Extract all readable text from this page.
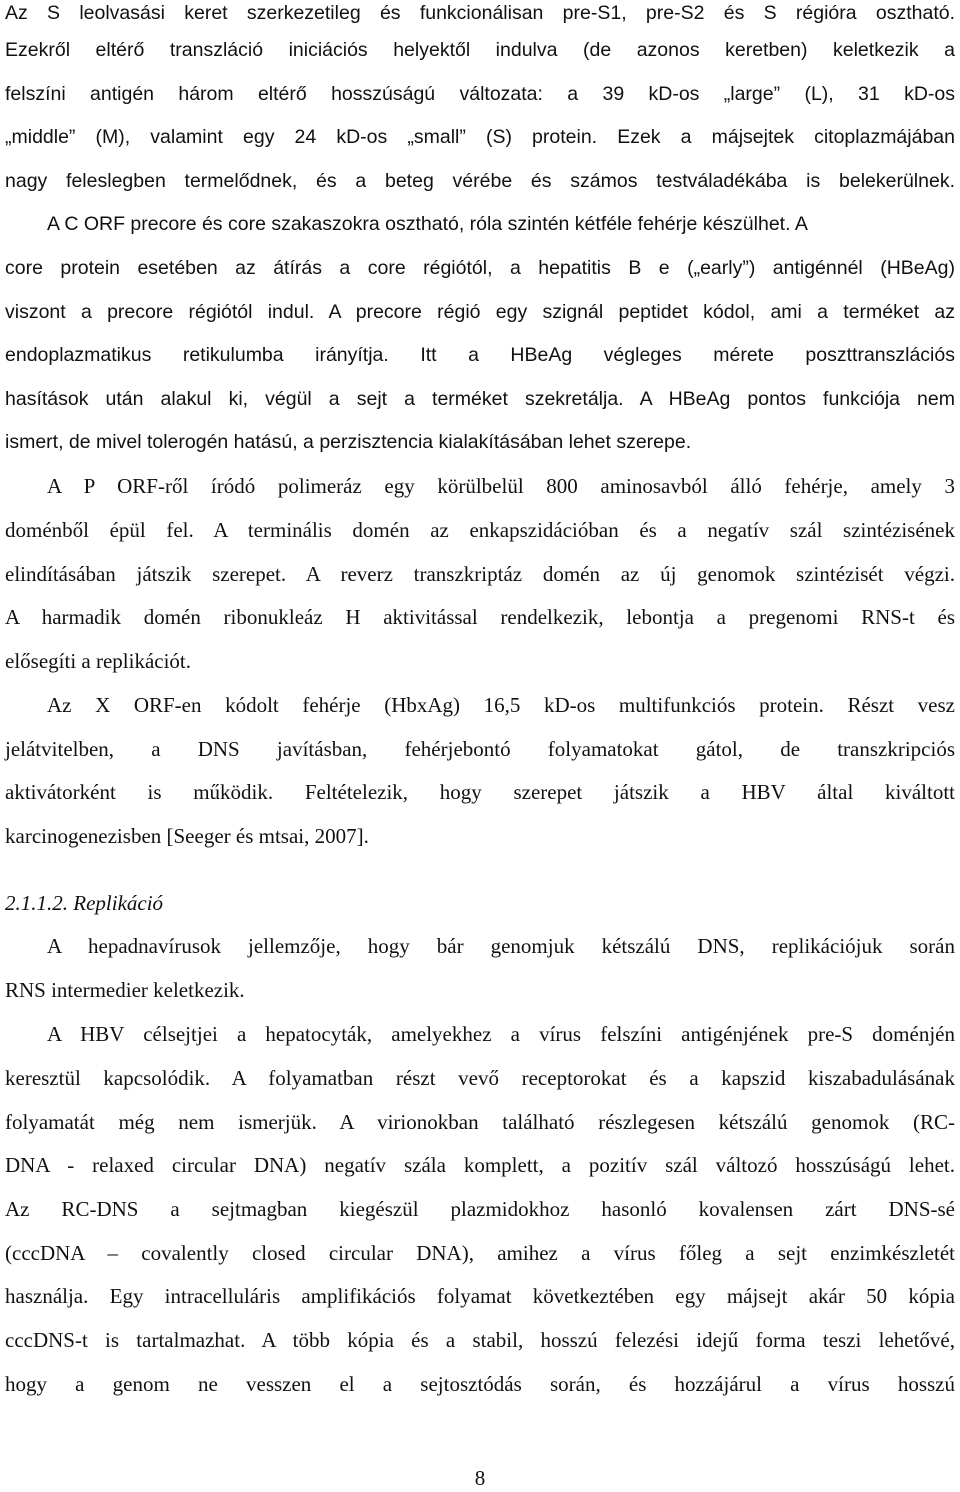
Az S leolvasási keret szerkezetileg és funkcionálisan pre-S1, pre-S2 és S régióra osztható.
Ezekről eltérő transzláció iniciációs helyektől indulva (de azonos keretben) keletkezik a
felszíni antigén három eltérő hosszúságú változata: a 39 kD-os „large” (L), 31 kD-os
„middle” (M), valamint egy 24 kD-os „small” (S) protein. Ezek a májsejtek citoplazmájában
nagy feleslegben termelődnek, és a beteg vérébe és számos testváladékába is belekerülnek.
A C ORF precore és core szakaszokra osztható, róla szintén kétféle fehérje készülhet. A
core protein esetében az átírás a core régiótól, a hepatitis B e („early”) antigénnél (HBeAg)
viszont a precore régiótól indul. A precore régió egy szignál peptidet kódol, ami a terméket az
endoplazmatikus retikulumba irányítja. Itt a HBeAg végleges mérete poszttranszlációs
hasítások után alakul ki, végül a sejt a terméket szekretálja. A HBeAg pontos funkciója nem
ismert, de mivel tolerogén hatású, a perzisztencia kialakításában lehet szerepe.
A P ORF-ről íródó polimeráz egy körülbelül 800 aminosavból álló fehérje, amely 3
doménből épül fel. A terminális domén az enkapszidációban és a negatív szál szintézisének
elindításában játszik szerepet. A reverz transzkriptáz domén az új genomok szintézisét végzi.
A harmadik domén ribonukleáz H aktivitással rendelkezik, lebontja a pregenomi RNS-t és
elősegíti a replikációt.
Az X ORF-en kódolt fehérje (HbxAg) 16,5 kD-os multifunkciós protein. Részt vesz
jelátvitelben, a DNS javításban, fehérjebontó folyamatokat gátol, de transzkripciós
aktivátorként is működik. Feltételezik, hogy szerepet játszik a HBV által kiváltott
karcinogenezisben [Seeger és mtsai, 2007].
2.1.1.2. Replikáció
A hepadnavírusok jellemzője, hogy bár genomjuk kétszálú DNS, replikációjuk során
RNS intermedier keletkezik.
A HBV célsejtjei a hepatocyták, amelyekhez a vírus felszíni antigénjének pre-S doménjén
keresztül kapcsolódik. A folyamatban részt vevő receptorokat és a kapszid kiszabadulásának
folyamatát még nem ismerjük. A virionokban található részlegesen kétszálú genomok (RC-
DNA - relaxed circular DNA) negatív szála komplett, a pozitív szál változó hosszúságú lehet.
Az RC-DNS a sejtmagban kiegészül plazmidokhoz hasonló kovalensen zárt DNS-sé
(cccDNA – covalently closed circular DNA), amihez a vírus főleg a sejt enzimkészletét
használja. Egy intracelluláris amplifikációs folyamat következtében egy májsejt akár 50 kópia
cccDNS-t is tartalmazhat. A több kópia és a stabil, hosszú felezési idejű forma teszi lehetővé,
hogy a genom ne vesszen el a sejtosztódás során, és hozzájárul a vírus hosszú
8
